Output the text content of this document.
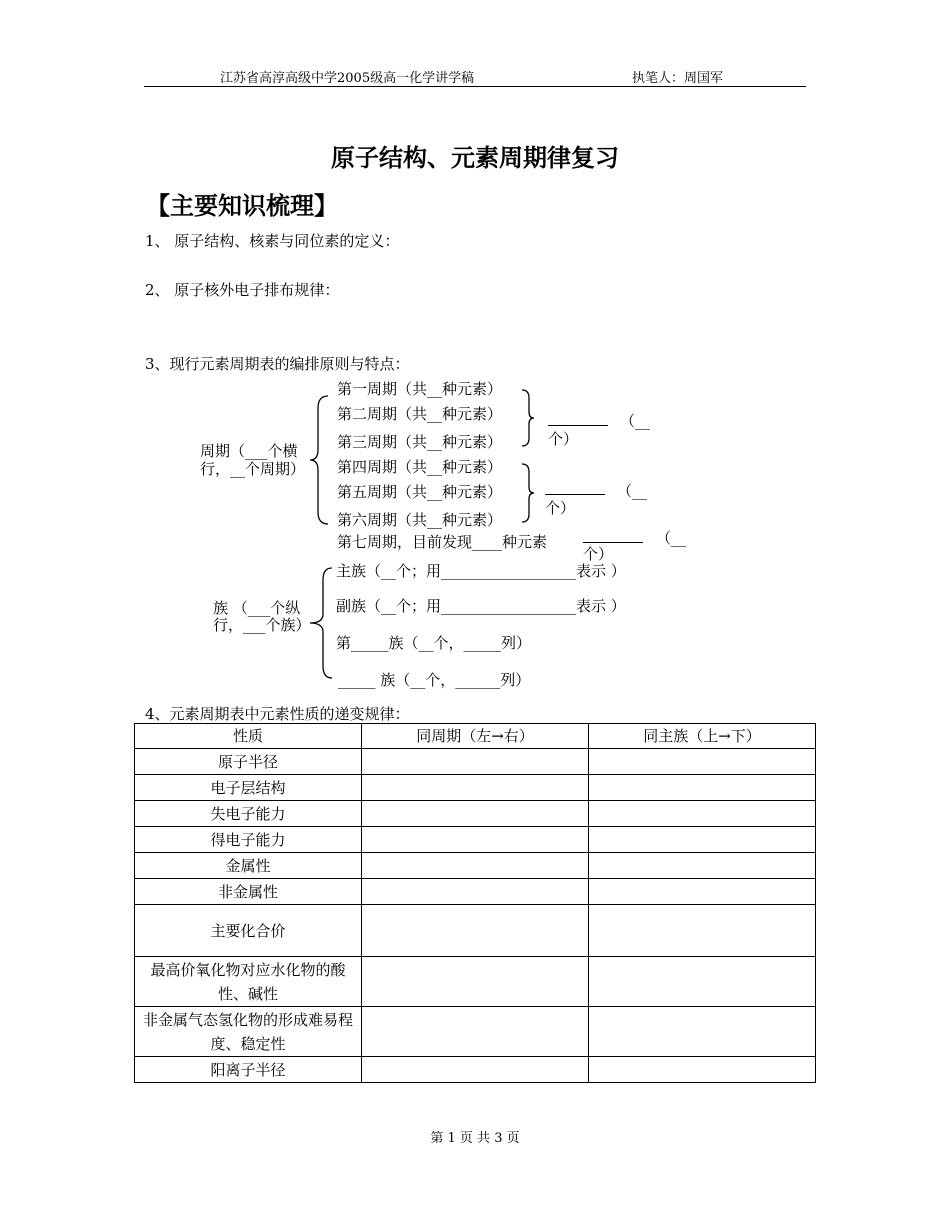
江苏省高淳高级中学2005级高一化学讲学稿	执笔人：周国军
原子结构、元素周期律复习
【主要知识梳理】
1、 原子结构、核素与同位素的定义：
2、 原子核外电子排布规律：
3、现行元素周期表的编排原则与特点：
周期（___个横
行，__个周期）
第一周期（共__种元素）
第二周期（共__种元素）
第三周期（共__种元素）
第四周期（共__种元素）
第五周期（共__种元素）
第六周期（共__种元素）
第七周期，目前发现____种元素
（__
个）
（__
个）
（__
个）
族 （___个纵
行，___个族）
主族（__个；用__________________表示 ）
副族（__个；用__________________表示 ）
第_____族（__个，_____列）
_____ 族（__个，______列）
4、元素周期表中元素性质的递变规律：
性质	同周期（左→右）	同主族（上→下）
原子半径		
电子层结构		
失电子能力		
得电子能力		
金属性		
非金属性		
主要化合价		
最高价氧化物对应水化物的酸性、碱性		
非金属气态氢化物的形成难易程度、稳定性		
阳离子半径		
第 1 页 共 3 页
